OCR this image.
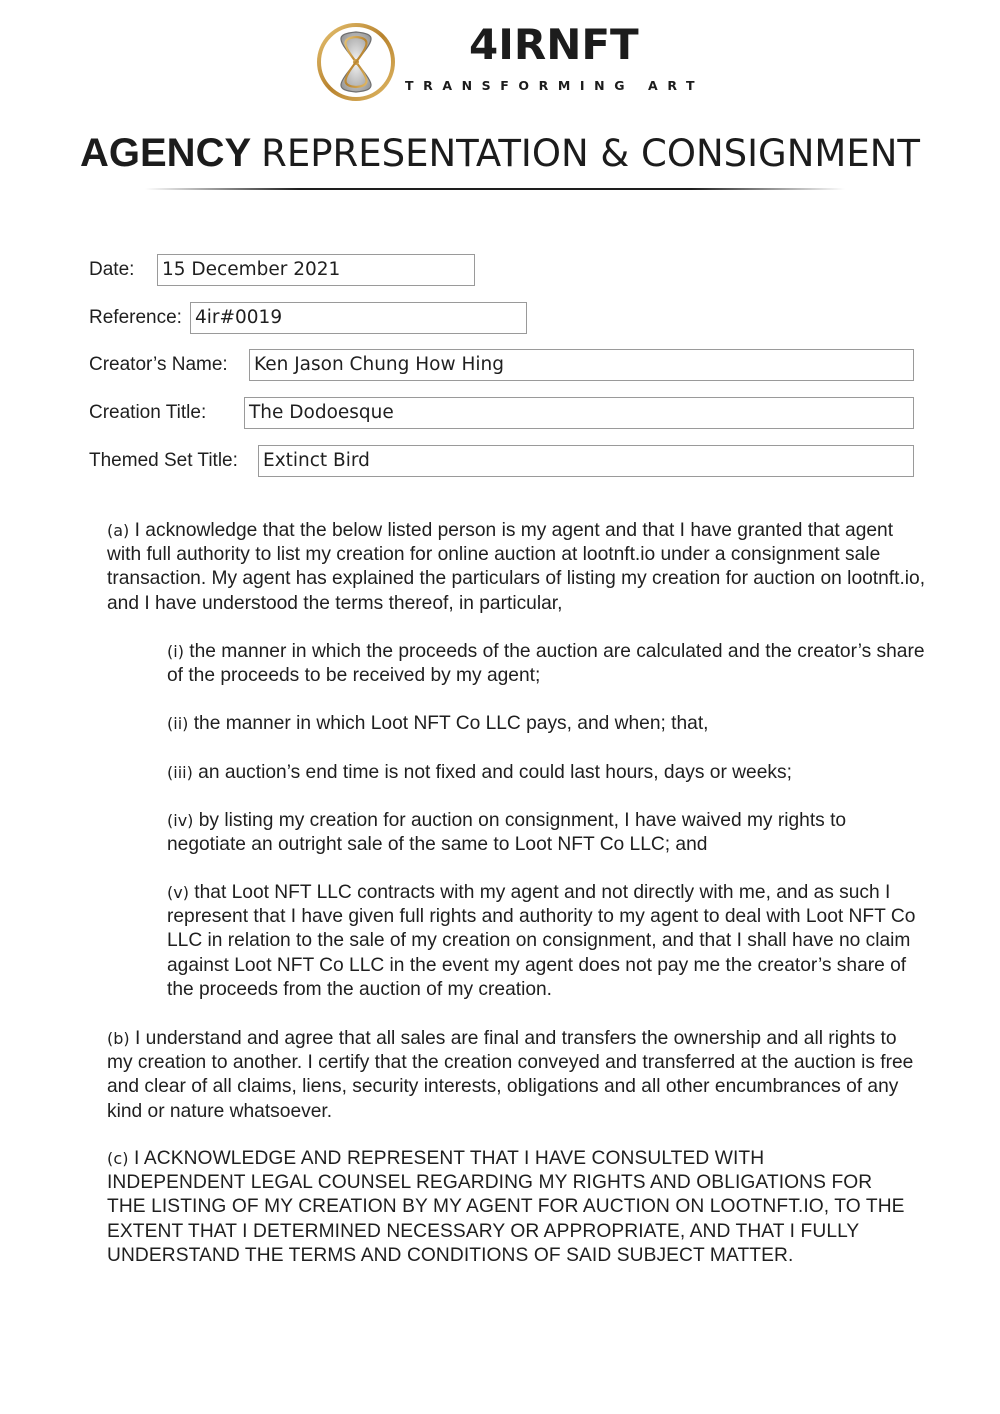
4IRNFT
TRANSFORMING ART
AGENCY REPRESENTATION & CONSIGNMENT
Date: 15 December 2021
Reference: 4ir#0019
Creator’s Name: Ken Jason Chung How Hing
Creation Title: The Dodoesque
Themed Set Title: Extinct Bird

(a) I acknowledge that the below listed person is my agent and that I have granted that agent with full authority to list my creation for online auction at lootnft.io under a consignment sale transaction. My agent has explained the particulars of listing my creation for auction on lootnft.io, and I have understood the terms thereof, in particular,

(i) the manner in which the proceeds of the auction are calculated and the creator’s share of the proceeds to be received by my agent;

(ii) the manner in which Loot NFT Co LLC pays, and when; that,

(iii) an auction’s end time is not fixed and could last hours, days or weeks;

(iv) by listing my creation for auction on consignment, I have waived my rights to negotiate an outright sale of the same to Loot NFT Co LLC; and

(v) that Loot NFT LLC contracts with my agent and not directly with me, and as such I represent that I have given full rights and authority to my agent to deal with Loot NFT Co LLC in relation to the sale of my creation on consignment, and that I shall have no claim against Loot NFT Co LLC in the event my agent does not pay me the creator’s share of the proceeds from the auction of my creation.

(b) I understand and agree that all sales are final and transfers the ownership and all rights to my creation to another. I certify that the creation conveyed and transferred at the auction is free and clear of all claims, liens, security interests, obligations and all other encumbrances of any kind or nature whatsoever.

(c) I ACKNOWLEDGE AND REPRESENT THAT I HAVE CONSULTED WITH INDEPENDENT LEGAL COUNSEL REGARDING MY RIGHTS AND OBLIGATIONS FOR THE LISTING OF MY CREATION BY MY AGENT FOR AUCTION ON LOOTNFT.IO, TO THE EXTENT THAT I DETERMINED NECESSARY OR APPROPRIATE, AND THAT I FULLY UNDERSTAND THE TERMS AND CONDITIONS OF SAID SUBJECT MATTER.
